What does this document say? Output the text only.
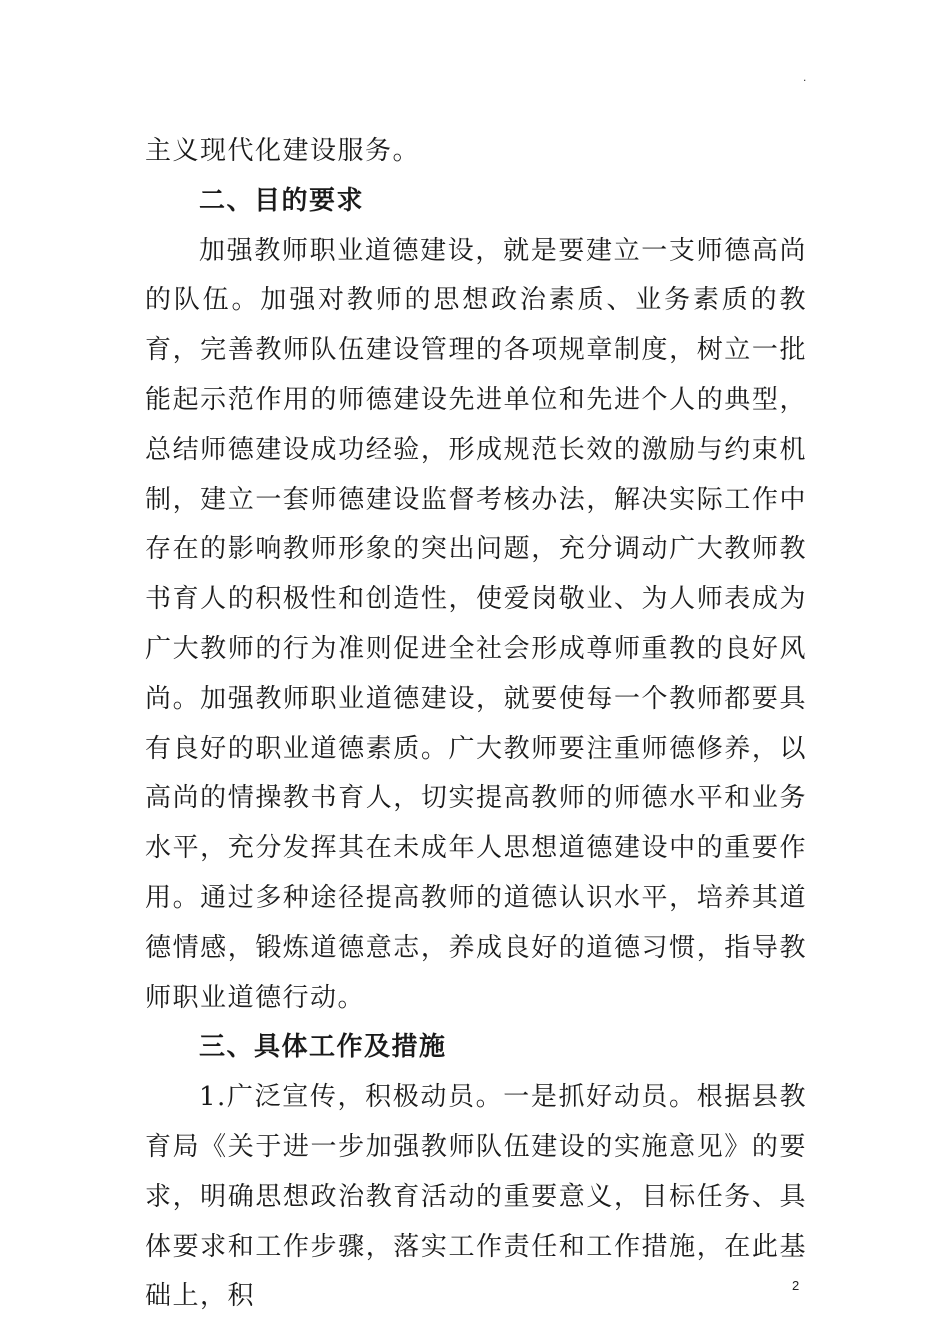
.

主义现代化建设服务。

二、目的要求

加强教师职业道德建设，就是要建立一支师德高尚的队伍。加强对教师的思想政治素质、业务素质的教育，完善教师队伍建设管理的各项规章制度，树立一批能起示范作用的师德建设先进单位和先进个人的典型，总结师德建设成功经验，形成规范长效的激励与约束机制，建立一套师德建设监督考核办法，解决实际工作中存在的影响教师形象的突出问题，充分调动广大教师教书育人的积极性和创造性，使爱岗敬业、为人师表成为广大教师的行为准则促进全社会形成尊师重教的良好风尚。加强教师职业道德建设，就要使每一个教师都要具有良好的职业道德素质。广大教师要注重师德修养，以高尚的情操教书育人，切实提高教师的师德水平和业务水平，充分发挥其在未成年人思想道德建设中的重要作用。通过多种途径提高教师的道德认识水平，培养其道德情感，锻炼道德意志，养成良好的道德习惯，指导教师职业道德行动。

三、具体工作及措施

1.广泛宣传，积极动员。一是抓好动员。根据县教育局《关于进一步加强教师队伍建设的实施意见》的要求，明确思想政治教育活动的重要意义，目标任务、具体要求和工作步骤，落实工作责任和工作措施，在此基础上，积	2
